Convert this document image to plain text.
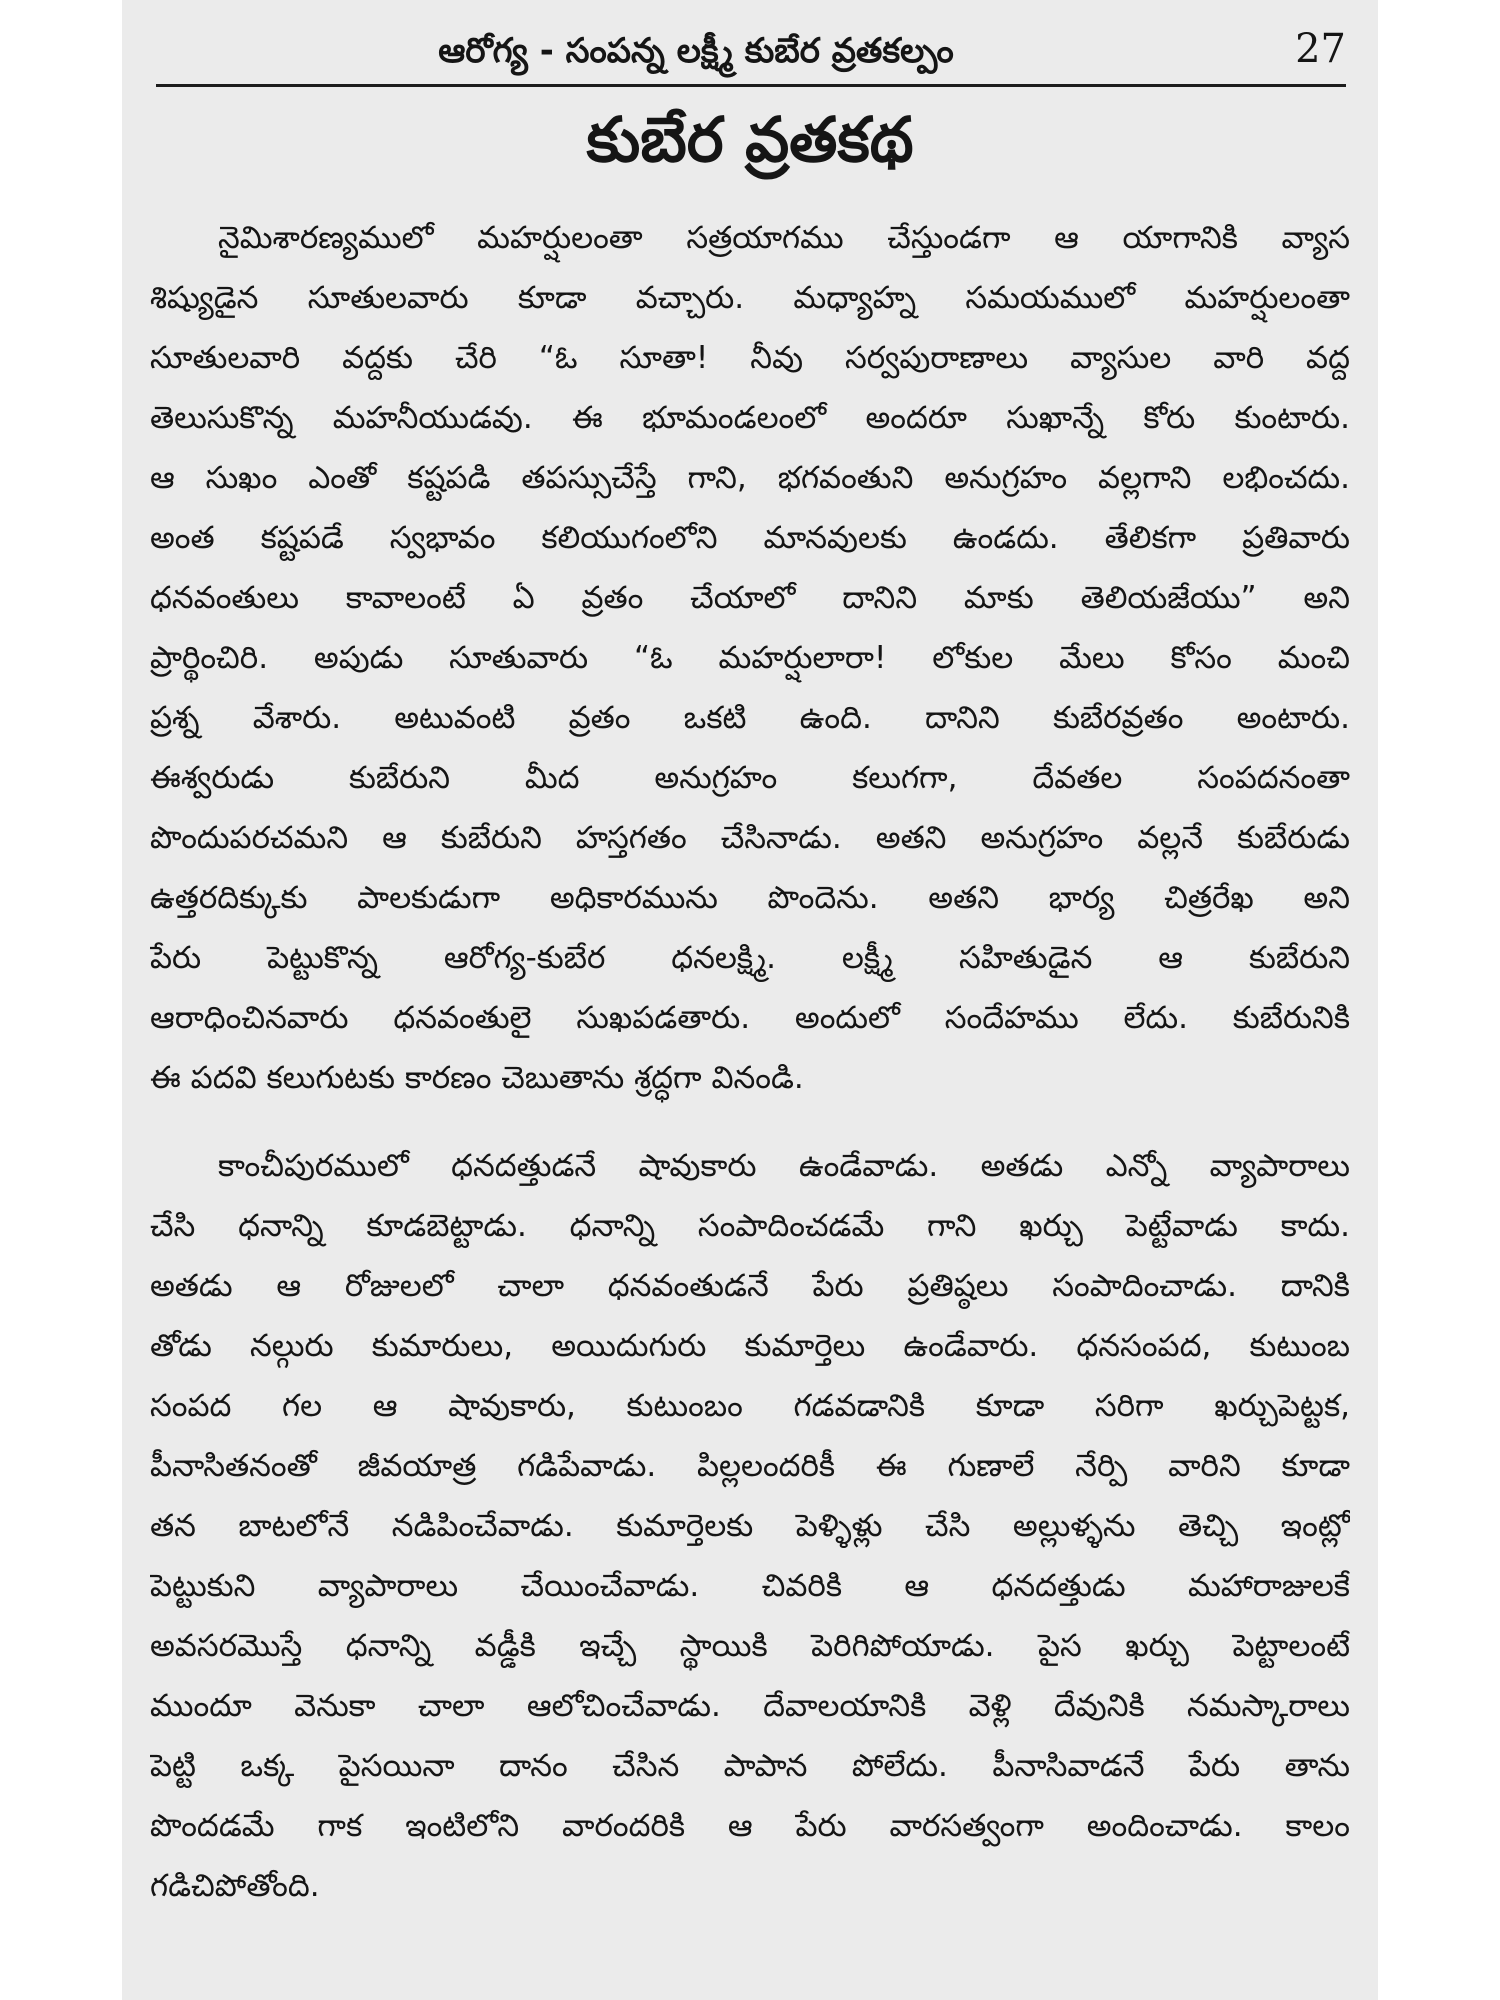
ఆరోగ్య - సంపన్న లక్ష్మీ కుబేర వ్రతకల్పం	27
కుబేర వ్రతకథ
నైమిశారణ్యములో మహర్షులంతా సత్రయాగము చేస్తుండగా ఆ యాగానికి వ్యాస
శిష్యుడైన సూతులవారు కూడా వచ్చారు. మధ్యాహ్న సమయములో మహర్షులంతా
సూతులవారి వద్దకు చేరి “ఓ సూతా! నీవు సర్వపురాణాలు వ్యాసుల వారి వద్ద
తెలుసుకొన్న మహనీయుడవు. ఈ భూమండలంలో అందరూ సుఖాన్నే కోరు కుంటారు.
ఆ సుఖం ఎంతో కష్టపడి తపస్సుచేస్తే గాని, భగవంతుని అనుగ్రహం వల్లగాని లభించదు.
అంత కష్టపడే స్వభావం కలియుగంలోని మానవులకు ఉండదు. తేలికగా ప్రతివారు
ధనవంతులు కావాలంటే ఏ వ్రతం చేయాలో దానిని మాకు తెలియజేయు” అని
ప్రార్థించిరి. అపుడు సూతువారు “ఓ మహర్షులారా! లోకుల మేలు కోసం మంచి
ప్రశ్న వేశారు. అటువంటి వ్రతం ఒకటి ఉంది. దానిని కుబేరవ్రతం అంటారు.
ఈశ్వరుడు కుబేరుని మీద అనుగ్రహం కలుగగా, దేవతల సంపదనంతా
పొందుపరచమని ఆ కుబేరుని హస్తగతం చేసినాడు. అతని అనుగ్రహం వల్లనే కుబేరుడు
ఉత్తరదిక్కుకు పాలకుడుగా అధికారమును పొందెను. అతని భార్య చిత్రరేఖ అని
పేరు పెట్టుకొన్న ఆరోగ్య-కుబేర ధనలక్ష్మి. లక్ష్మీ సహితుడైన ఆ కుబేరుని
ఆరాధించినవారు ధనవంతులై సుఖపడతారు. అందులో సందేహము లేదు. కుబేరునికి
ఈ పదవి కలుగుటకు కారణం చెబుతాను శ్రద్ధగా వినండి.
కాంచీపురములో ధనదత్తుడనే షావుకారు ఉండేవాడు. అతడు ఎన్నో వ్యాపారాలు
చేసి ధనాన్ని కూడబెట్టాడు. ధనాన్ని సంపాదించడమే గాని ఖర్చు పెట్టేవాడు కాదు.
అతడు ఆ రోజులలో చాలా ధనవంతుడనే పేరు ప్రతిష్ఠలు సంపాదించాడు. దానికి
తోడు నల్గురు కుమారులు, అయిదుగురు కుమార్తెలు ఉండేవారు. ధనసంపద, కుటుంబ
సంపద గల ఆ షావుకారు, కుటుంబం గడవడానికి కూడా సరిగా ఖర్చుపెట్టక,
పీనాసితనంతో జీవయాత్ర గడిపేవాడు. పిల్లలందరికీ ఈ గుణాలే నేర్పి వారిని కూడా
తన బాటలోనే నడిపించేవాడు. కుమార్తెలకు పెళ్ళిళ్లు చేసి అల్లుళ్ళను తెచ్చి ఇంట్లో
పెట్టుకుని వ్యాపారాలు చేయించేవాడు. చివరికి ఆ ధనదత్తుడు మహారాజులకే
అవసరమొస్తే ధనాన్ని వడ్డీకి ఇచ్చే స్థాయికి పెరిగిపోయాడు. పైస ఖర్చు పెట్టాలంటే
ముందూ వెనుకా చాలా ఆలోచించేవాడు. దేవాలయానికి వెళ్లి దేవునికి నమస్కారాలు
పెట్టి ఒక్క పైసయినా దానం చేసిన పాపాన పోలేదు. పీనాసివాడనే పేరు తాను
పొందడమే గాక ఇంటిలోని వారందరికి ఆ పేరు వారసత్వంగా అందించాడు. కాలం
గడిచిపోతోంది.
